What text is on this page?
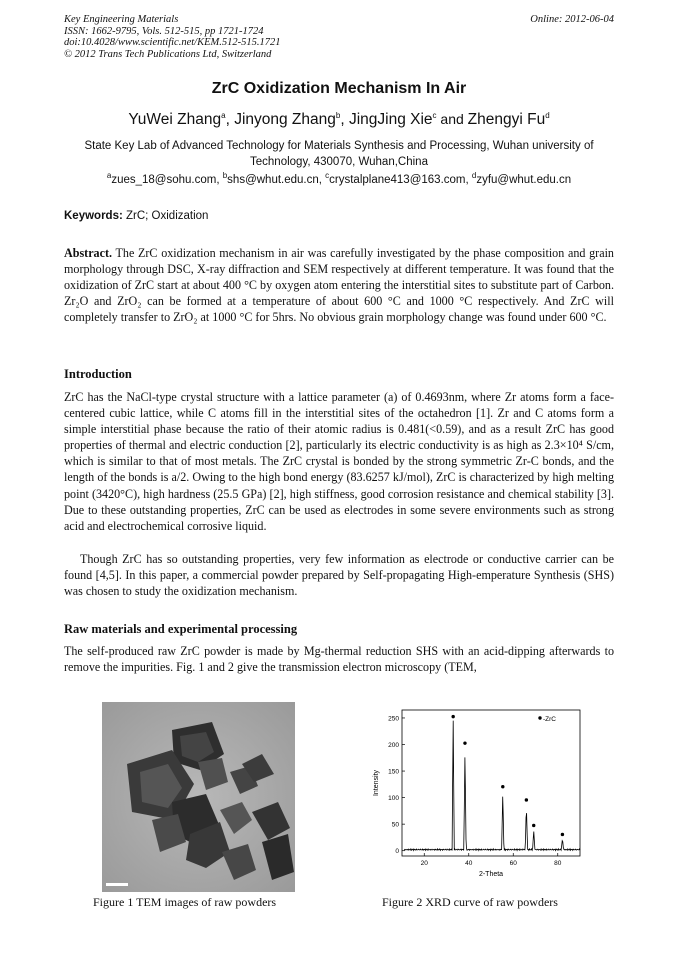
Key Engineering Materials
ISSN: 1662-9795, Vols. 512-515, pp 1721-1724
doi:10.4028/www.scientific.net/KEM.512-515.1721
© 2012 Trans Tech Publications Ltd, Switzerland
Online: 2012-06-04
ZrC Oxidization Mechanism In Air
YuWei Zhang$^a$, Jinyong Zhang$^b$, JingJing Xie$^c$ and Zhengyi Fu$^d$
State Key Lab of Advanced Technology for Materials Synthesis and Processing, Wuhan university of Technology, 430070, Wuhan,China
$^a$zues_18@sohu.com, $^b$shs@whut.edu.cn, $^c$crystalplane413@163.com, $^d$zyfu@whut.edu.cn
Keywords: ZrC; Oxidization
Abstract. The ZrC oxidization mechanism in air was carefully investigated by the phase composition and grain morphology through DSC, X-ray diffraction and SEM respectively at different temperature. It was found that the oxidization of ZrC start at about 400 °C by oxygen atom entering the interstitial sites to substitute part of Carbon. Zr₂O and ZrO₂ can be formed at a temperature of about 600 °C and 1000 °C respectively. And ZrC will completely transfer to ZrO₂ at 1000 °C for 5hrs. No obvious grain morphology change was found under 600 °C.
Introduction
ZrC has the NaCl-type crystal structure with a lattice parameter (a) of 0.4693nm, where Zr atoms form a face-centered cubic lattice, while C atoms fill in the interstitial sites of the octahedron [1]. Zr and C atoms form a simple interstitial phase because the ratio of their atomic radius is 0.481(<0.59), and as a result ZrC has good properties of thermal and electric conduction [2], particularly its electric conductivity is as high as 2.3×10⁴ S/cm, which is similar to that of most metals. The ZrC crystal is bonded by the strong symmetric Zr-C bonds, and the length of the bonds is a/2. Owing to the high bond energy (83.6257 kJ/mol), ZrC is characterized by high melting point (3420°C), high hardness (25.5 GPa) [2], high stiffness, good corrosion resistance and chemical stability [3]. Due to these outstanding properties, ZrC can be used as electrodes in some severe environments such as strong acid and electrochemical corrosive liquid.
Though ZrC has so outstanding properties, very few information as electrode or conductive carrier can be found [4,5]. In this paper, a commercial powder prepared by Self-propagating High-emperature Synthesis (SHS) was chosen to study the oxidization mechanism.
Raw materials and experimental processing
The self-produced raw ZrC powder is made by Mg-thermal reduction SHS with an acid-dipping afterwards to remove the impurities. Fig. 1 and 2 give the transmission electron microscopy (TEM,
0
50
100
150
200
250
20	40	60	80
2-Theta
Intensity
-ZrC
Figure 1 TEM images of raw powders	Figure 2 XRD curve of raw powders
